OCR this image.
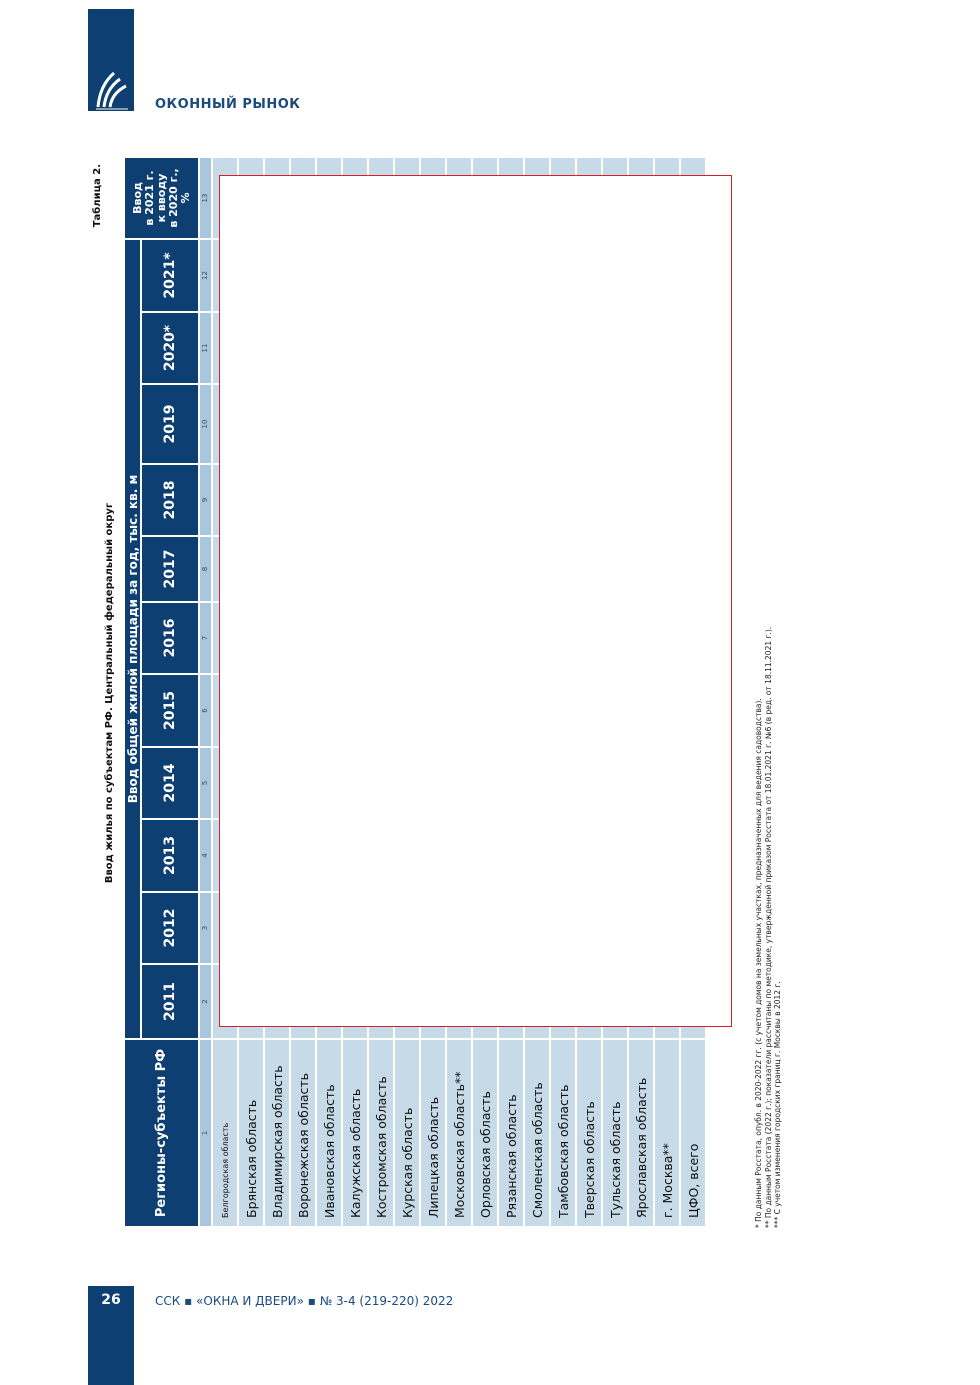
ОКОННЫЙ РЫНОК
Таблица 2.
Ввод жилья по субъектам РФ. Центральный федеральный округ
Регионы-субъекты РФ	Ввод общей жилой площади за год, тыс. кв. м											Ввод в 2021 г. к вводу в 2020 г., %

	2011	2012	2013	2014	2015	2016	2017	2018	2019	2020*	2021*	
1	2	3	4	5	6	7	8	9	10	11	12	13
Белгородская область												
Брянская область												
Владимирская область												
Воронежская область												
Ивановская область												
Калужская область												
Костромская область												
Курская область												
Липецкая область												
Московская область**												
Орловская область												
Рязанская область												
Смоленская область												
Тамбовская область												
Тверская область												
Тульская область												
Ярославская область												
г. Москва**												
ЦФО, всего													* По данным Росстата, опубл. в 2020-2022 гг. (с учетом домов на земельных участках, предназначенных для ведения садоводства). ** По данным Росстата (2022 г.); показатели рассчитаны по методике, утвержденной приказом Росстата от 18.01.2021 г. №6 (в ред. от 18.11.2021 г.). *** С учетом изменения городских границ г. Москвы в 2012 г.
26	ССК ▪ «ОКНА И ДВЕРИ» ▪ № 3-4 (219-220) 2022
